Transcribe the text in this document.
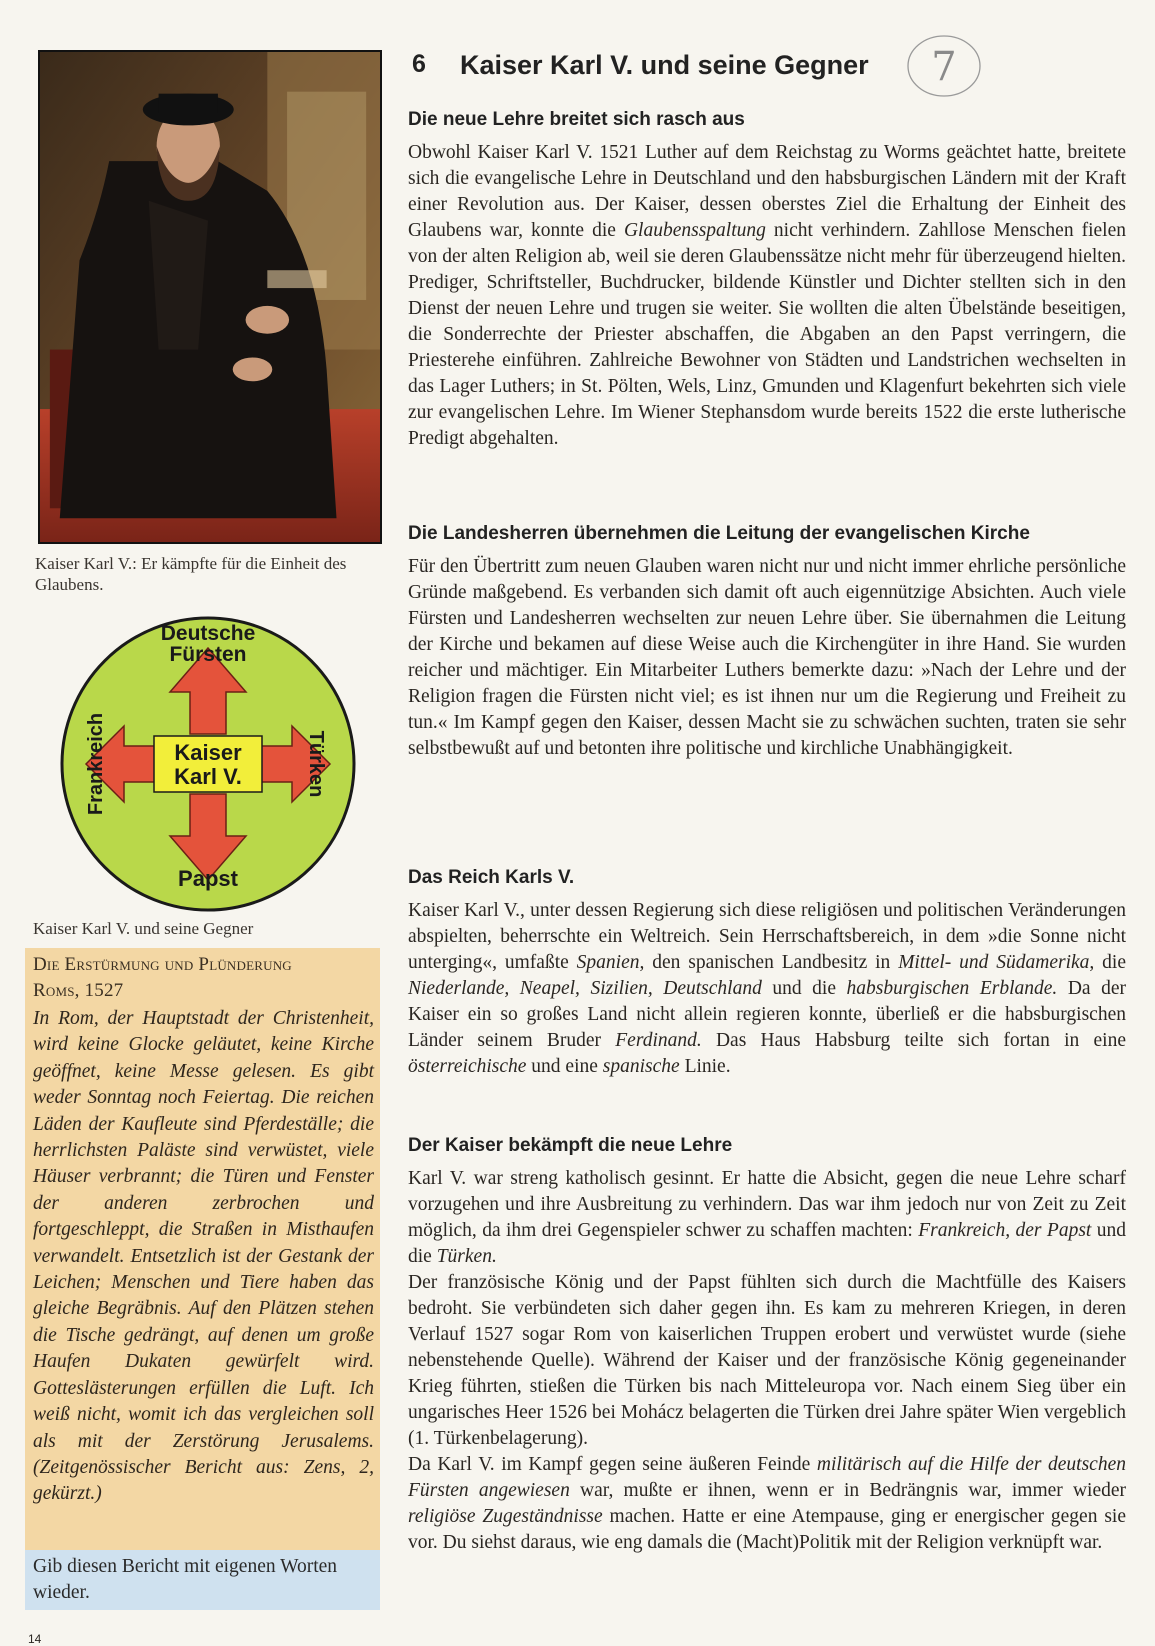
Kaiser Karl V.: Er kämpfte für die Einheit des Glaubens.
Kaiser
Karl V.
Deutsche
Fürsten
Papst
Frankreich	Türken
Kaiser Karl V. und seine Gegner
Die Erstürmung und Plünderung
Roms, 1527

In Rom, der Hauptstadt der Christenheit, wird keine Glocke geläutet, keine Kirche geöffnet, keine Messe gelesen. Es gibt weder Sonntag noch Feiertag. Die reichen Läden der Kaufleute sind Pferdeställe; die herrlichsten Paläste sind verwüstet, viele Häuser verbrannt; die Türen und Fenster der anderen zerbrochen und fortgeschleppt, die Straßen in Misthaufen verwandelt. Entsetzlich ist der Gestank der Leichen; Menschen und Tiere haben das gleiche Begräbnis. Auf den Plätzen stehen die Tische gedrängt, auf denen um große Haufen Dukaten gewürfelt wird. Gotteslästerungen erfüllen die Luft. Ich weiß nicht, womit ich das vergleichen soll als mit der Zerstörung Jerusalems. (Zeitgenössischer Bericht aus: Zens, 2, gekürzt.)

Gib diesen Bericht mit eigenen Worten wieder.
14
6 Kaiser Karl V. und seine Gegner 7
Die neue Lehre breitet sich rasch aus

Obwohl Kaiser Karl V. 1521 Luther auf dem Reichstag zu Worms geächtet hatte, breitete sich die evangelische Lehre in Deutschland und den habsburgischen Ländern mit der Kraft einer Revolution aus. Der Kaiser, dessen oberstes Ziel die Erhaltung der Einheit des Glaubens war, konnte die Glaubensspaltung nicht verhindern. Zahllose Menschen fielen von der alten Religion ab, weil sie deren Glaubenssätze nicht mehr für überzeugend hielten. Prediger, Schriftsteller, Buchdrucker, bildende Künstler und Dichter stellten sich in den Dienst der neuen Lehre und trugen sie weiter. Sie wollten die alten Übelstände beseitigen, die Sonderrechte der Priester abschaffen, die Abgaben an den Papst verringern, die Priesterehe einführen. Zahlreiche Bewohner von Städten und Landstrichen wechselten in das Lager Luthers; in St. Pölten, Wels, Linz, Gmunden und Klagenfurt bekehrten sich viele zur evangelischen Lehre. Im Wiener Stephansdom wurde bereits 1522 die erste lutherische Predigt abgehalten.

Die Landesherren übernehmen die Leitung der evangelischen Kirche

Für den Übertritt zum neuen Glauben waren nicht nur und nicht immer ehrliche persönliche Gründe maßgebend. Es verbanden sich damit oft auch eigennützige Absichten. Auch viele Fürsten und Landesherren wechselten zur neuen Lehre über. Sie übernahmen die Leitung der Kirche und bekamen auf diese Weise auch die Kirchengüter in ihre Hand. Sie wurden reicher und mächtiger. Ein Mitarbeiter Luthers bemerkte dazu: »Nach der Lehre und der Religion fragen die Fürsten nicht viel; es ist ihnen nur um die Regierung und Freiheit zu tun.« Im Kampf gegen den Kaiser, dessen Macht sie zu schwächen suchten, traten sie sehr selbstbewußt auf und betonten ihre politische und kirchliche Unabhängigkeit.

Das Reich Karls V.

Kaiser Karl V., unter dessen Regierung sich diese religiösen und politischen Veränderungen abspielten, beherrschte ein Weltreich. Sein Herrschaftsbereich, in dem »die Sonne nicht unterging«, umfaßte Spanien, den spanischen Landbesitz in Mittel- und Südamerika, die Niederlande, Neapel, Sizilien, Deutschland und die habsburgischen Erblande. Da der Kaiser ein so großes Land nicht allein regieren konnte, überließ er die habsburgischen Länder seinem Bruder Ferdinand. Das Haus Habsburg teilte sich fortan in eine österreichische und eine spanische Linie.

Der Kaiser bekämpft die neue Lehre

Karl V. war streng katholisch gesinnt. Er hatte die Absicht, gegen die neue Lehre scharf vorzugehen und ihre Ausbreitung zu verhindern. Das war ihm jedoch nur von Zeit zu Zeit möglich, da ihm drei Gegenspieler schwer zu schaffen machten: Frankreich, der Papst und die Türken.

Der französische König und der Papst fühlten sich durch die Machtfülle des Kaisers bedroht. Sie verbündeten sich daher gegen ihn. Es kam zu mehreren Kriegen, in deren Verlauf 1527 sogar Rom von kaiserlichen Truppen erobert und verwüstet wurde (siehe nebenstehende Quelle). Während der Kaiser und der französische König gegeneinander Krieg führten, stießen die Türken bis nach Mitteleuropa vor. Nach einem Sieg über ein ungarisches Heer 1526 bei Mohácz belagerten die Türken drei Jahre später Wien vergeblich (1. Türkenbelagerung).

Da Karl V. im Kampf gegen seine äußeren Feinde militärisch auf die Hilfe der deutschen Fürsten angewiesen war, mußte er ihnen, wenn er in Bedrängnis war, immer wieder religiöse Zugeständnisse machen. Hatte er eine Atempause, ging er energischer gegen sie vor. Du siehst daraus, wie eng damals die (Macht)Politik mit der Religion verknüpft war.
